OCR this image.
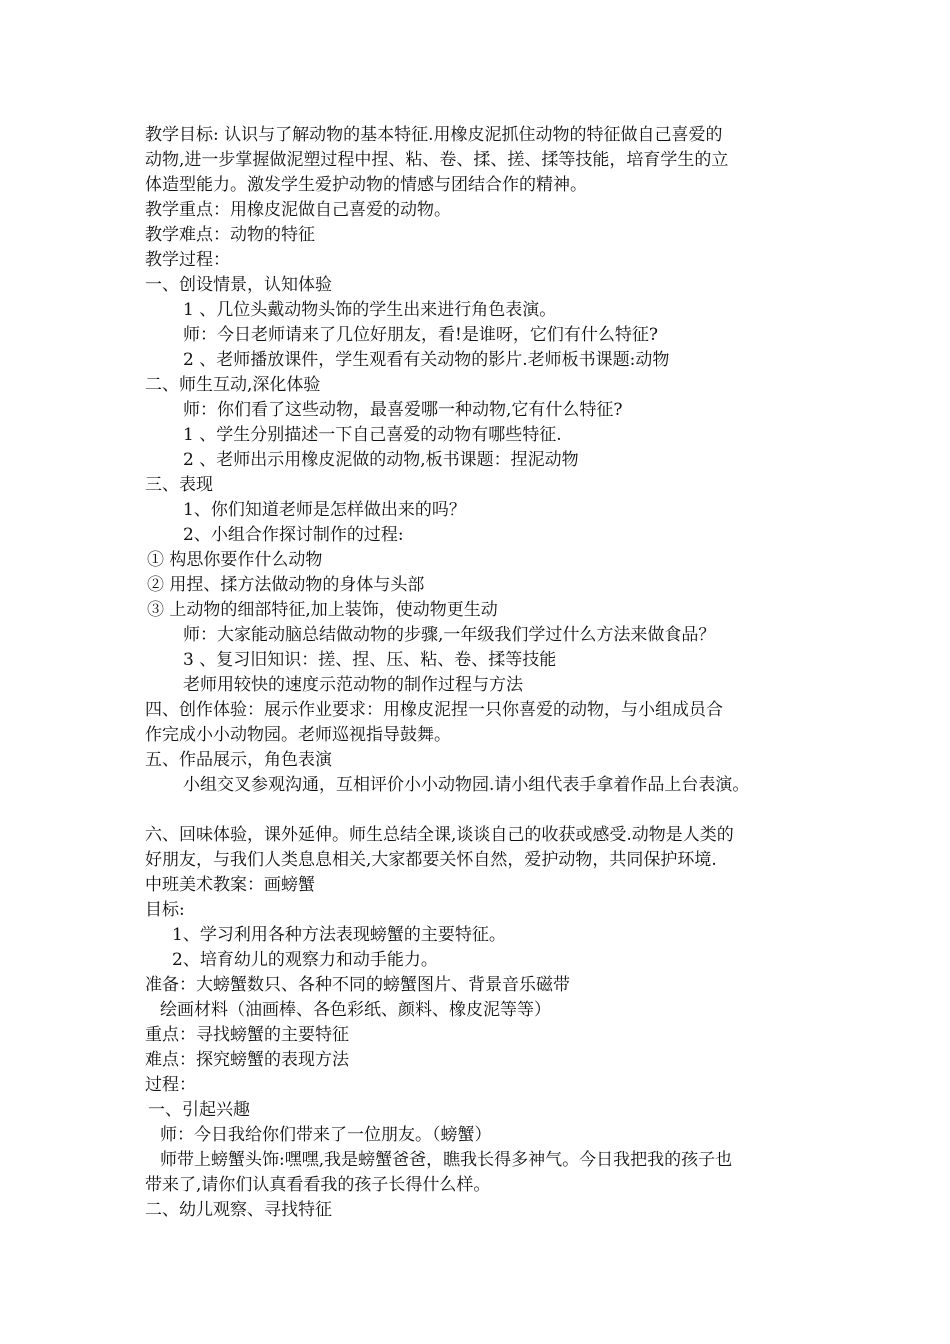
教学目标: 认识与了解动物的基本特征.用橡皮泥抓住动物的特征做自己喜爱的
动物,进一步掌握做泥塑过程中捏、粘、卷、揉、搓、揉等技能，培育学生的立
体造型能力。激发学生爱护动物的情感与团结合作的精神。
教学重点：用橡皮泥做自己喜爱的动物。
教学难点：动物的特征
教学过程：
一、创设情景，认知体验
1 、几位头戴动物头饰的学生出来进行角色表演。
师：今日老师请来了几位好朋友，看!是谁呀，它们有什么特征?
2 、老师播放课件，学生观看有关动物的影片.老师板书课题:动物
二、师生互动,深化体验
师：你们看了这些动物，最喜爱哪一种动物,它有什么特征?
1 、学生分别描述一下自己喜爱的动物有哪些特征.
2 、老师出示用橡皮泥做的动物,板书课题：捏泥动物
三、表现
1、你们知道老师是怎样做出来的吗？
2、小组合作探讨制作的过程:
① 构思你要作什么动物
② 用捏、揉方法做动物的身体与头部
③ 上动物的细部特征,加上装饰，使动物更生动
师：大家能动脑总结做动物的步骤,一年级我们学过什么方法来做食品？
3 、复习旧知识：搓、捏、压、粘、卷、揉等技能
老师用较快的速度示范动物的制作过程与方法
四、创作体验：展示作业要求：用橡皮泥捏一只你喜爱的动物，与小组成员合
作完成小小动物园。老师巡视指导鼓舞。
五、作品展示，角色表演
小组交叉参观沟通，互相评价小小动物园.请小组代表手拿着作品上台表演。
六、回味体验，课外延伸。师生总结全课,谈谈自己的收获或感受.动物是人类的
好朋友，与我们人类息息相关,大家都要关怀自然，爱护动物，共同保护环境.
中班美术教案：画螃蟹
目标:
1、学习利用各种方法表现螃蟹的主要特征。
2、培育幼儿的观察力和动手能力。
准备：大螃蟹数只、各种不同的螃蟹图片、背景音乐磁带
绘画材料（油画棒、各色彩纸、颜料、橡皮泥等等）
重点：寻找螃蟹的主要特征
难点：探究螃蟹的表现方法
过程：
一、引起兴趣
师：今日我给你们带来了一位朋友。（螃蟹）
师带上螃蟹头饰:嘿嘿,我是螃蟹爸爸，瞧我长得多神气。今日我把我的孩子也
带来了,请你们认真看看我的孩子长得什么样。
二、幼儿观察、寻找特征
